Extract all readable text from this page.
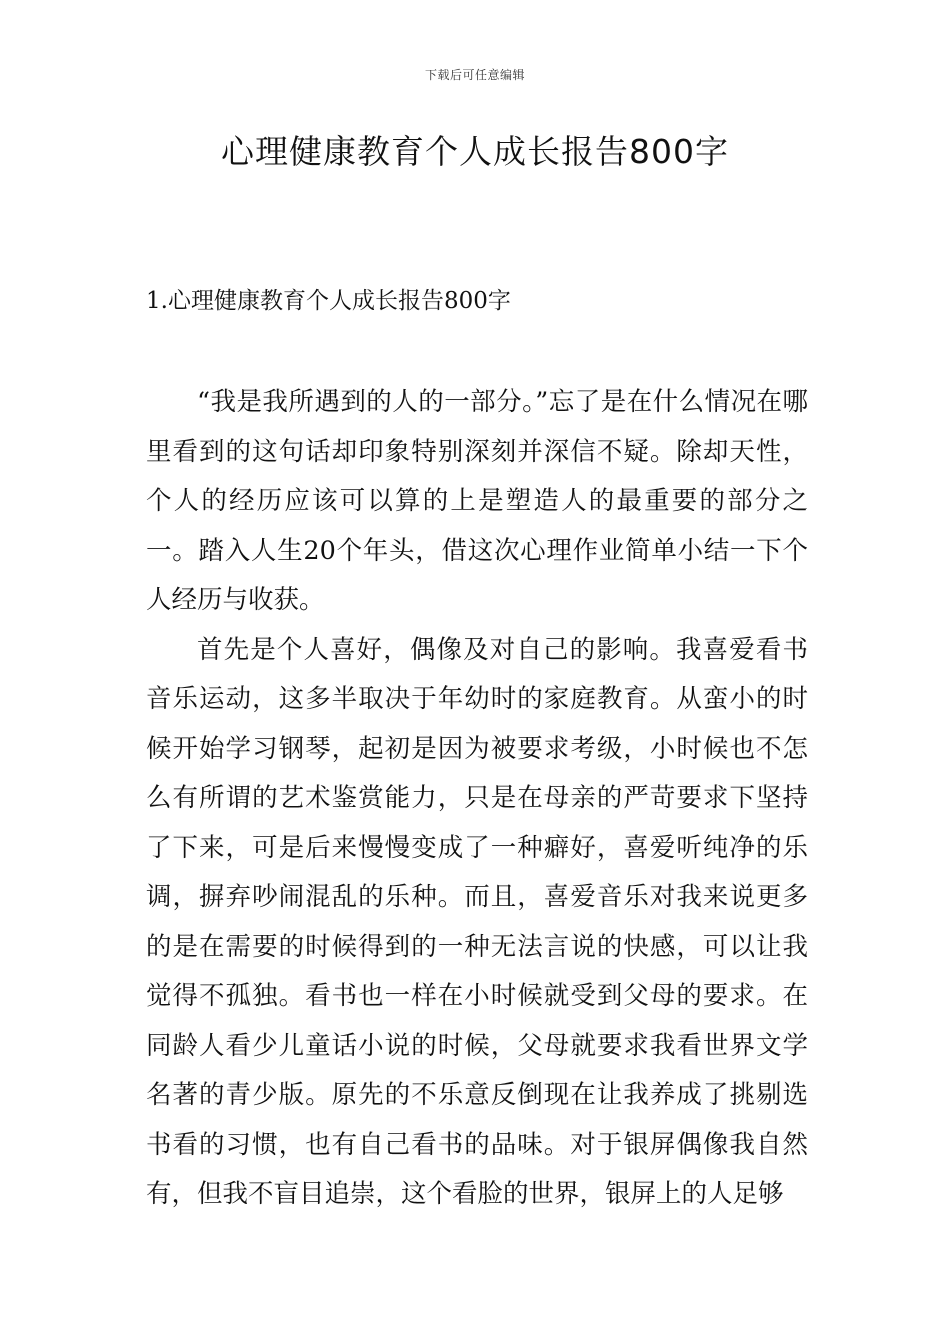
下载后可任意编辑
心理健康教育个人成长报告800字
1.心理健康教育个人成长报告800字

“我是我所遇到的人的一部分。”忘了是在什么情况在哪里看到的这句话却印象特别深刻并深信不疑。除却天性，个人的经历应该可以算的上是塑造人的最重要的部分之一。踏入人生20个年头，借这次心理作业简单小结一下个人经历与收获。

首先是个人喜好，偶像及对自己的影响。我喜爱看书音乐运动，这多半取决于年幼时的家庭教育。从蛮小的时候开始学习钢琴，起初是因为被要求考级，小时候也不怎么有所谓的艺术鉴赏能力，只是在母亲的严苛要求下坚持了下来，可是后来慢慢变成了一种癖好，喜爱听纯净的乐调，摒弃吵闹混乱的乐种。而且，喜爱音乐对我来说更多的是在需要的时候得到的一种无法言说的快感，可以让我觉得不孤独。看书也一样在小时候就受到父母的要求。在同龄人看少儿童话小说的时候，父母就要求我看世界文学名著的青少版。原先的不乐意反倒现在让我养成了挑剔选书看的习惯，也有自己看书的品味。对于银屏偶像我自然有，但我不盲目追崇，这个看脸的世界，银屏上的人足够
